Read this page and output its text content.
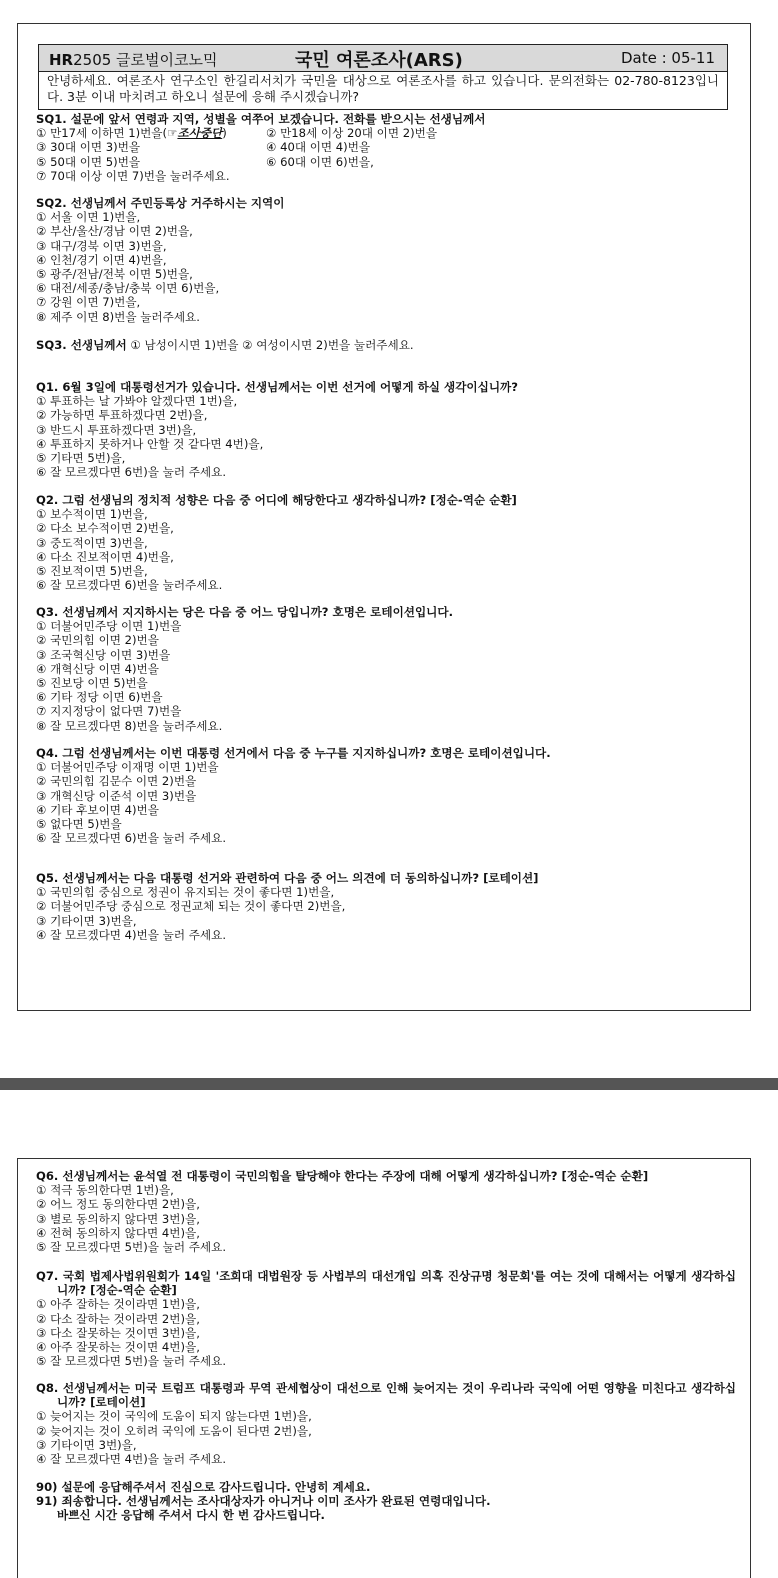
HR2505 글로벌이코노믹	국민 여론조사(ARS)	Date : 05-11
안녕하세요. 여론조사 연구소인 한길리서치가 국민을 대상으로 여론조사를 하고 있습니다. 문의전화는 02-780-8123입니다. 3분 이내 마치려고 하오니 설문에 응해 주시겠습니까?
SQ1. 설문에 앞서 연령과 지역, 성별을 여쭈어 보겠습니다. 전화를 받으시는 선생님께서
① 만17세 이하면 1)번을(☞조사중단)	② 만18세 이상 20대 이면 2)번을
③ 30대 이면 3)번을	④ 40대 이면 4)번을
⑤ 50대 이면 5)번을	⑥ 60대 이면 6)번을,
⑦ 70대 이상 이면 7)번을 눌러주세요.
SQ2. 선생님께서 주민등록상 거주하시는 지역이
① 서울 이면 1)번을,
② 부산/울산/경남 이면 2)번을,
③ 대구/경북 이면 3)번을,
④ 인천/경기 이면 4)번을,
⑤ 광주/전남/전북 이면 5)번을,
⑥ 대전/세종/충남/충북 이면 6)번을,
⑦ 강원 이면 7)번을,
⑧ 제주 이면 8)번을 눌러주세요.
SQ3. 선생님께서 ① 남성이시면 1)번을 ② 여성이시면 2)번을 눌러주세요.
Q1. 6월 3일에 대통령선거가 있습니다. 선생님께서는 이번 선거에 어떻게 하실 생각이십니까?
① 투표하는 날 가봐야 알겠다면 1번)을,
② 가능하면 투표하겠다면 2번)을,
③ 반드시 투표하겠다면 3번)을,
④ 투표하지 못하거나 안할 것 같다면 4번)을,
⑤ 기타면 5번)을,
⑥ 잘 모르겠다면 6번)을 눌러 주세요.
Q2. 그럼 선생님의 정치적 성향은 다음 중 어디에 해당한다고 생각하십니까? [정순-역순 순환]
① 보수적이면 1)번을,
② 다소 보수적이면 2)번을,
③ 중도적이면 3)번을,
④ 다소 진보적이면 4)번을,
⑤ 진보적이면 5)번을,
⑥ 잘 모르겠다면 6)번을 눌러주세요.
Q3. 선생님께서 지지하시는 당은 다음 중 어느 당입니까? 호명은 로테이션입니다.
① 더불어민주당 이면 1)번을
② 국민의힘 이면 2)번을
③ 조국혁신당 이면 3)번을
④ 개혁신당 이면 4)번을
⑤ 진보당 이면 5)번을
⑥ 기타 정당 이면 6)번을
⑦ 지지정당이 없다면 7)번을
⑧ 잘 모르겠다면 8)번을 눌러주세요.
Q4. 그럼 선생님께서는 이번 대통령 선거에서 다음 중 누구를 지지하십니까? 호명은 로테이션입니다.
① 더불어민주당 이재명 이면 1)번을
② 국민의힘 김문수 이면 2)번을
③ 개혁신당 이준석 이면 3)번을
④ 기타 후보이면 4)번을
⑤ 없다면 5)번을
⑥ 잘 모르겠다면 6)번을 눌러 주세요.
Q5. 선생님께서는 다음 대통령 선거와 관련하여 다음 중 어느 의견에 더 동의하십니까? [로테이션]
① 국민의힘 중심으로 정권이 유지되는 것이 좋다면 1)번을,
② 더불어민주당 중심으로 정권교체 되는 것이 좋다면 2)번을,
③ 기타이면 3)번을,
④ 잘 모르겠다면 4)번을 눌러 주세요.
Q6. 선생님께서는 윤석열 전 대통령이 국민의힘을 탈당해야 한다는 주장에 대해 어떻게 생각하십니까? [정순-역순 순환]
① 적극 동의한다면 1번)을,
② 어느 정도 동의한다면 2번)을,
③ 별로 동의하지 않다면 3번)을,
④ 전혀 동의하지 않다면 4번)을,
⑤ 잘 모르겠다면 5번)을 눌러 주세요.
Q7. 국회 법제사법위원회가 14일 '조희대 대법원장 등 사법부의 대선개입 의혹 진상규명 청문회'를 여는 것에 대해서는 어떻게 생각하십니까? [정순-역순 순환]
① 아주 잘하는 것이라면 1번)을,
② 다소 잘하는 것이라면 2번)을,
③ 다소 잘못하는 것이면 3번)을,
④ 아주 잘못하는 것이면 4번)을,
⑤ 잘 모르겠다면 5번)을 눌러 주세요.
Q8. 선생님께서는 미국 트럼프 대통령과 무역 관세협상이 대선으로 인해 늦어지는 것이 우리나라 국익에 어떤 영향을 미친다고 생각하십니까? [로테이션]
① 늦어지는 것이 국익에 도움이 되지 않는다면 1번)을,
② 늦어지는 것이 오히려 국익에 도움이 된다면 2번)을,
③ 기타이면 3번)을,
④ 잘 모르겠다면 4번)을 눌러 주세요.
90) 설문에 응답해주셔서 진심으로 감사드립니다. 안녕히 계세요.
91) 죄송합니다. 선생님께서는 조사대상자가 아니거나 이미 조사가 완료된 연령대입니다.
바쁘신 시간 응답해 주셔서 다시 한 번 감사드립니다.
